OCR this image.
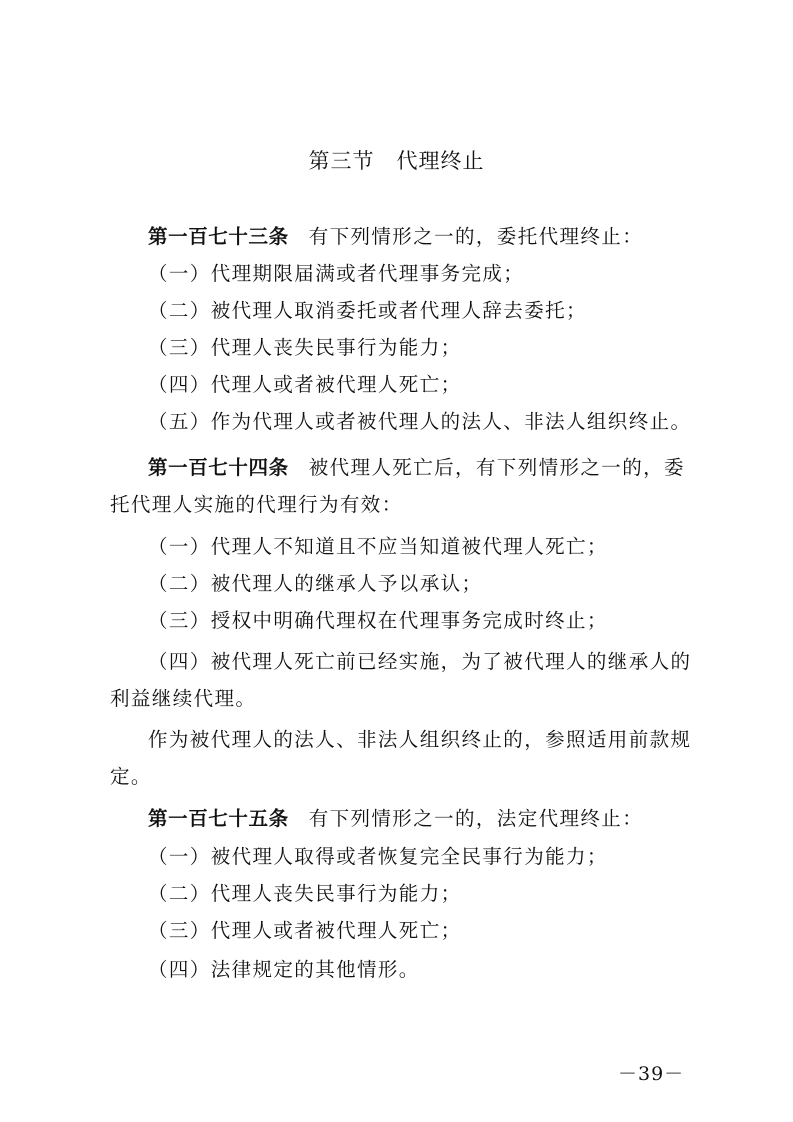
第三节　代理终止
第一百七十三条 有下列情形之一的，委托代理终止：
（一）代理期限届满或者代理事务完成；
（二）被代理人取消委托或者代理人辞去委托；
（三）代理人丧失民事行为能力；
（四）代理人或者被代理人死亡；
（五）作为代理人或者被代理人的法人、非法人组织终止。
第一百七十四条 被代理人死亡后，有下列情形之一的，委
托代理人实施的代理行为有效：
（一）代理人不知道且不应当知道被代理人死亡；
（二）被代理人的继承人予以承认；
（三）授权中明确代理权在代理事务完成时终止；
（四）被代理人死亡前已经实施，为了被代理人的继承人的
利益继续代理。
作为被代理人的法人、非法人组织终止的，参照适用前款规
定。
第一百七十五条 有下列情形之一的，法定代理终止：
（一）被代理人取得或者恢复完全民事行为能力；
（二）代理人丧失民事行为能力；
（三）代理人或者被代理人死亡；
（四）法律规定的其他情形。
－39－
